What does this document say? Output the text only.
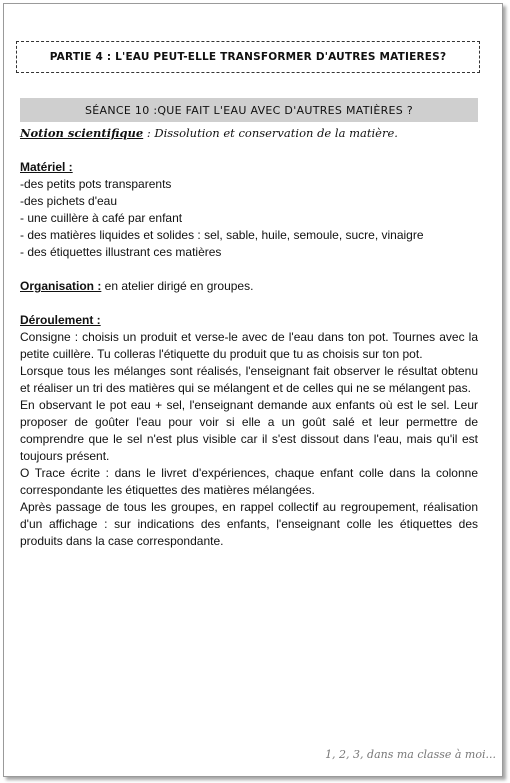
PARTIE 4 : L'EAU PEUT-ELLE TRANSFORMER D'AUTRES MATIERES?
SÉANCE 10 :QUE FAIT L'EAU AVEC D'AUTRES MATIÈRES ?
Notion scientifique : Dissolution et conservation de la matière.
Matériel :
-des petits pots transparents
-des pichets d'eau
- une cuillère à café par enfant
- des matières liquides et solides : sel, sable, huile, semoule, sucre, vinaigre
- des étiquettes illustrant ces matières
Organisation : en atelier dirigé en groupes.
Déroulement :
Consigne : choisis un produit et verse-le avec de l'eau dans ton pot. Tournes avec la petite cuillère. Tu colleras l'étiquette du produit que tu as choisis sur ton pot.
Lorsque tous les mélanges sont réalisés, l'enseignant fait observer le résultat obtenu et réaliser un tri des matières qui se mélangent et de celles qui ne se mélangent pas.
En observant le pot eau + sel, l'enseignant demande aux enfants où est le sel. Leur proposer de goûter l'eau pour voir si elle a un goût salé et leur permettre de comprendre que le sel n'est plus visible car il s'est dissout dans l'eau, mais qu'il est toujours présent.
O Trace écrite : dans le livret d'expériences, chaque enfant colle dans la colonne correspondante les étiquettes des matières mélangées.
Après passage de tous les groupes, en rappel collectif au regroupement, réalisation d'un affichage : sur indications des enfants, l'enseignant colle les étiquettes des produits dans la case correspondante.
1, 2, 3, dans ma classe à moi...
